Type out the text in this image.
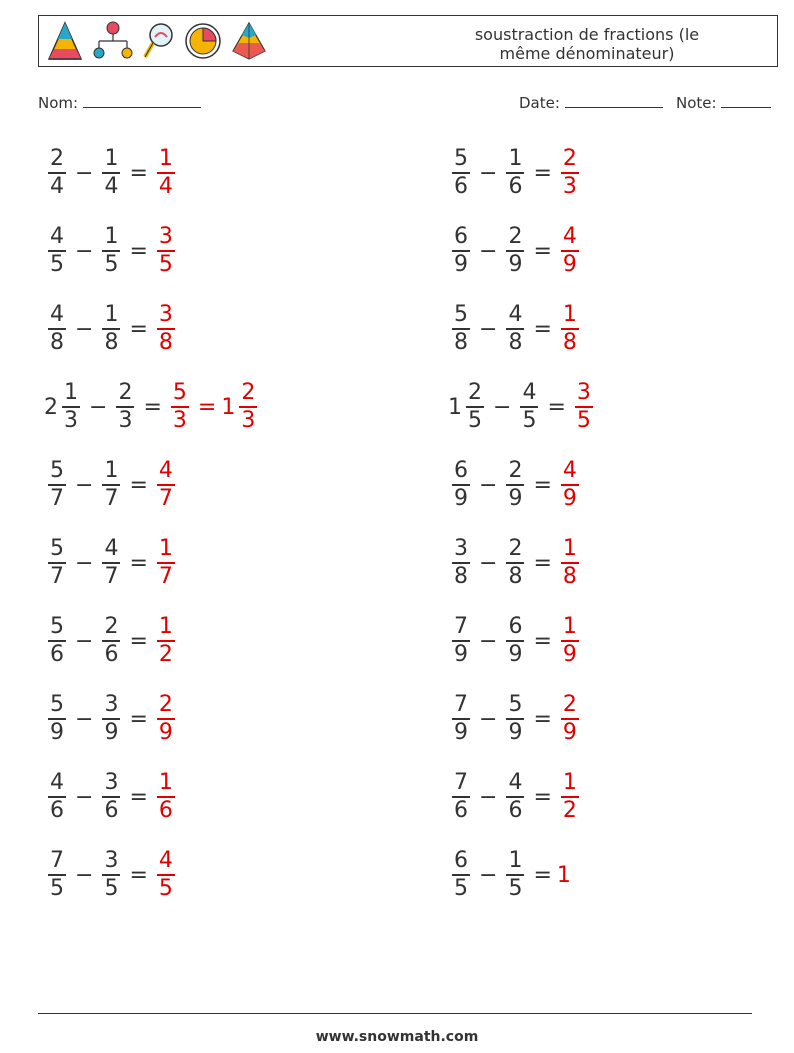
soustraction de fractions (le même dénominateur)
Nom:	Date:	Note:
$\frac{2}{4} - \frac{1}{4} = \frac{1}{4}$	$\frac{5}{6} - \frac{1}{6} = \frac{2}{3}$
$\frac{4}{5} - \frac{1}{5} = \frac{3}{5}$	$\frac{6}{9} - \frac{2}{9} = \frac{4}{9}$
$\frac{4}{8} - \frac{1}{8} = \frac{3}{8}$	$\frac{5}{8} - \frac{4}{8} = \frac{1}{8}$
$2 \frac{1}{3} - \frac{2}{3} = \frac{5}{3} = 1 \frac{2}{3}$	$1 \frac{2}{5} - \frac{4}{5} = \frac{3}{5}$
$\frac{5}{7} - \frac{1}{7} = \frac{4}{7}$	$\frac{6}{9} - \frac{2}{9} = \frac{4}{9}$
$\frac{5}{7} - \frac{4}{7} = \frac{1}{7}$	$\frac{3}{8} - \frac{2}{8} = \frac{1}{8}$
$\frac{5}{6} - \frac{2}{6} = \frac{1}{2}$	$\frac{7}{9} - \frac{6}{9} = \frac{1}{9}$
$\frac{5}{9} - \frac{3}{9} = \frac{2}{9}$	$\frac{7}{9} - \frac{5}{9} = \frac{2}{9}$
$\frac{4}{6} - \frac{3}{6} = \frac{1}{6}$	$\frac{7}{6} - \frac{4}{6} = \frac{1}{2}$
$\frac{7}{5} - \frac{3}{5} = \frac{4}{5}$	$\frac{6}{5} - \frac{1}{5} = 1$
www.snowmath.com
